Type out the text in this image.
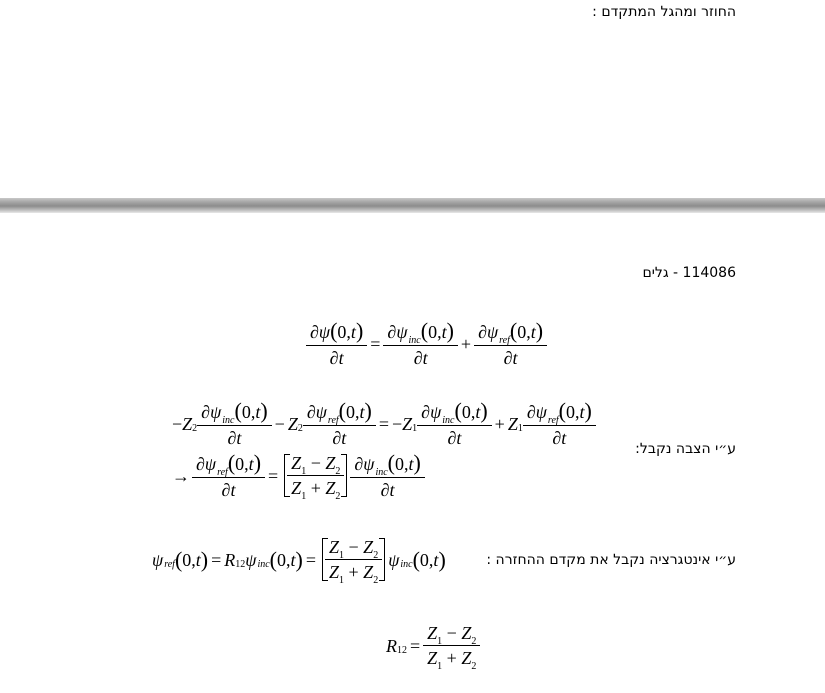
החוזר ומהגל המתקדם :
114086 - גלים
$\frac{\partial\psi(0,t)}{\partial t} = \frac{\partial\psi_{inc}(0,t)}{\partial t} + \frac{\partial\psi_{ref}(0,t)}{\partial t}$
− Z $2 \frac{\partial\psi_{inc}(0,t)}{\partial t} - Z$ $2 \frac{\partial\psi_{ref}(0,t)}{\partial t}$ = − Z $1 \frac{\partial\psi_{inc}(0,t)}{\partial t} + Z$ $1 \frac{\partial\psi_{ref}(0,t)}{\partial t}$
ע״י הצבה נקבל:
→ $\frac{\partial\psi_{ref}(0,t)}{\partial t} = \frac{Z_1 - Z_2}{Z_1 + Z_2} \frac{\partial\psi_{inc}(0,t)}{\partial t}$
ψ ref ( 0, t ) = R 12 ψ inc ( 0, t ) = $\frac{Z_1 - Z_2}{Z_1 + Z_2}$ ψ inc ( 0, t )	ע״י אינטגרציה נקבל את מקדם ההחזרה :
R $12 = \frac{Z_1 - Z_2}{Z_1 + Z_2}$
